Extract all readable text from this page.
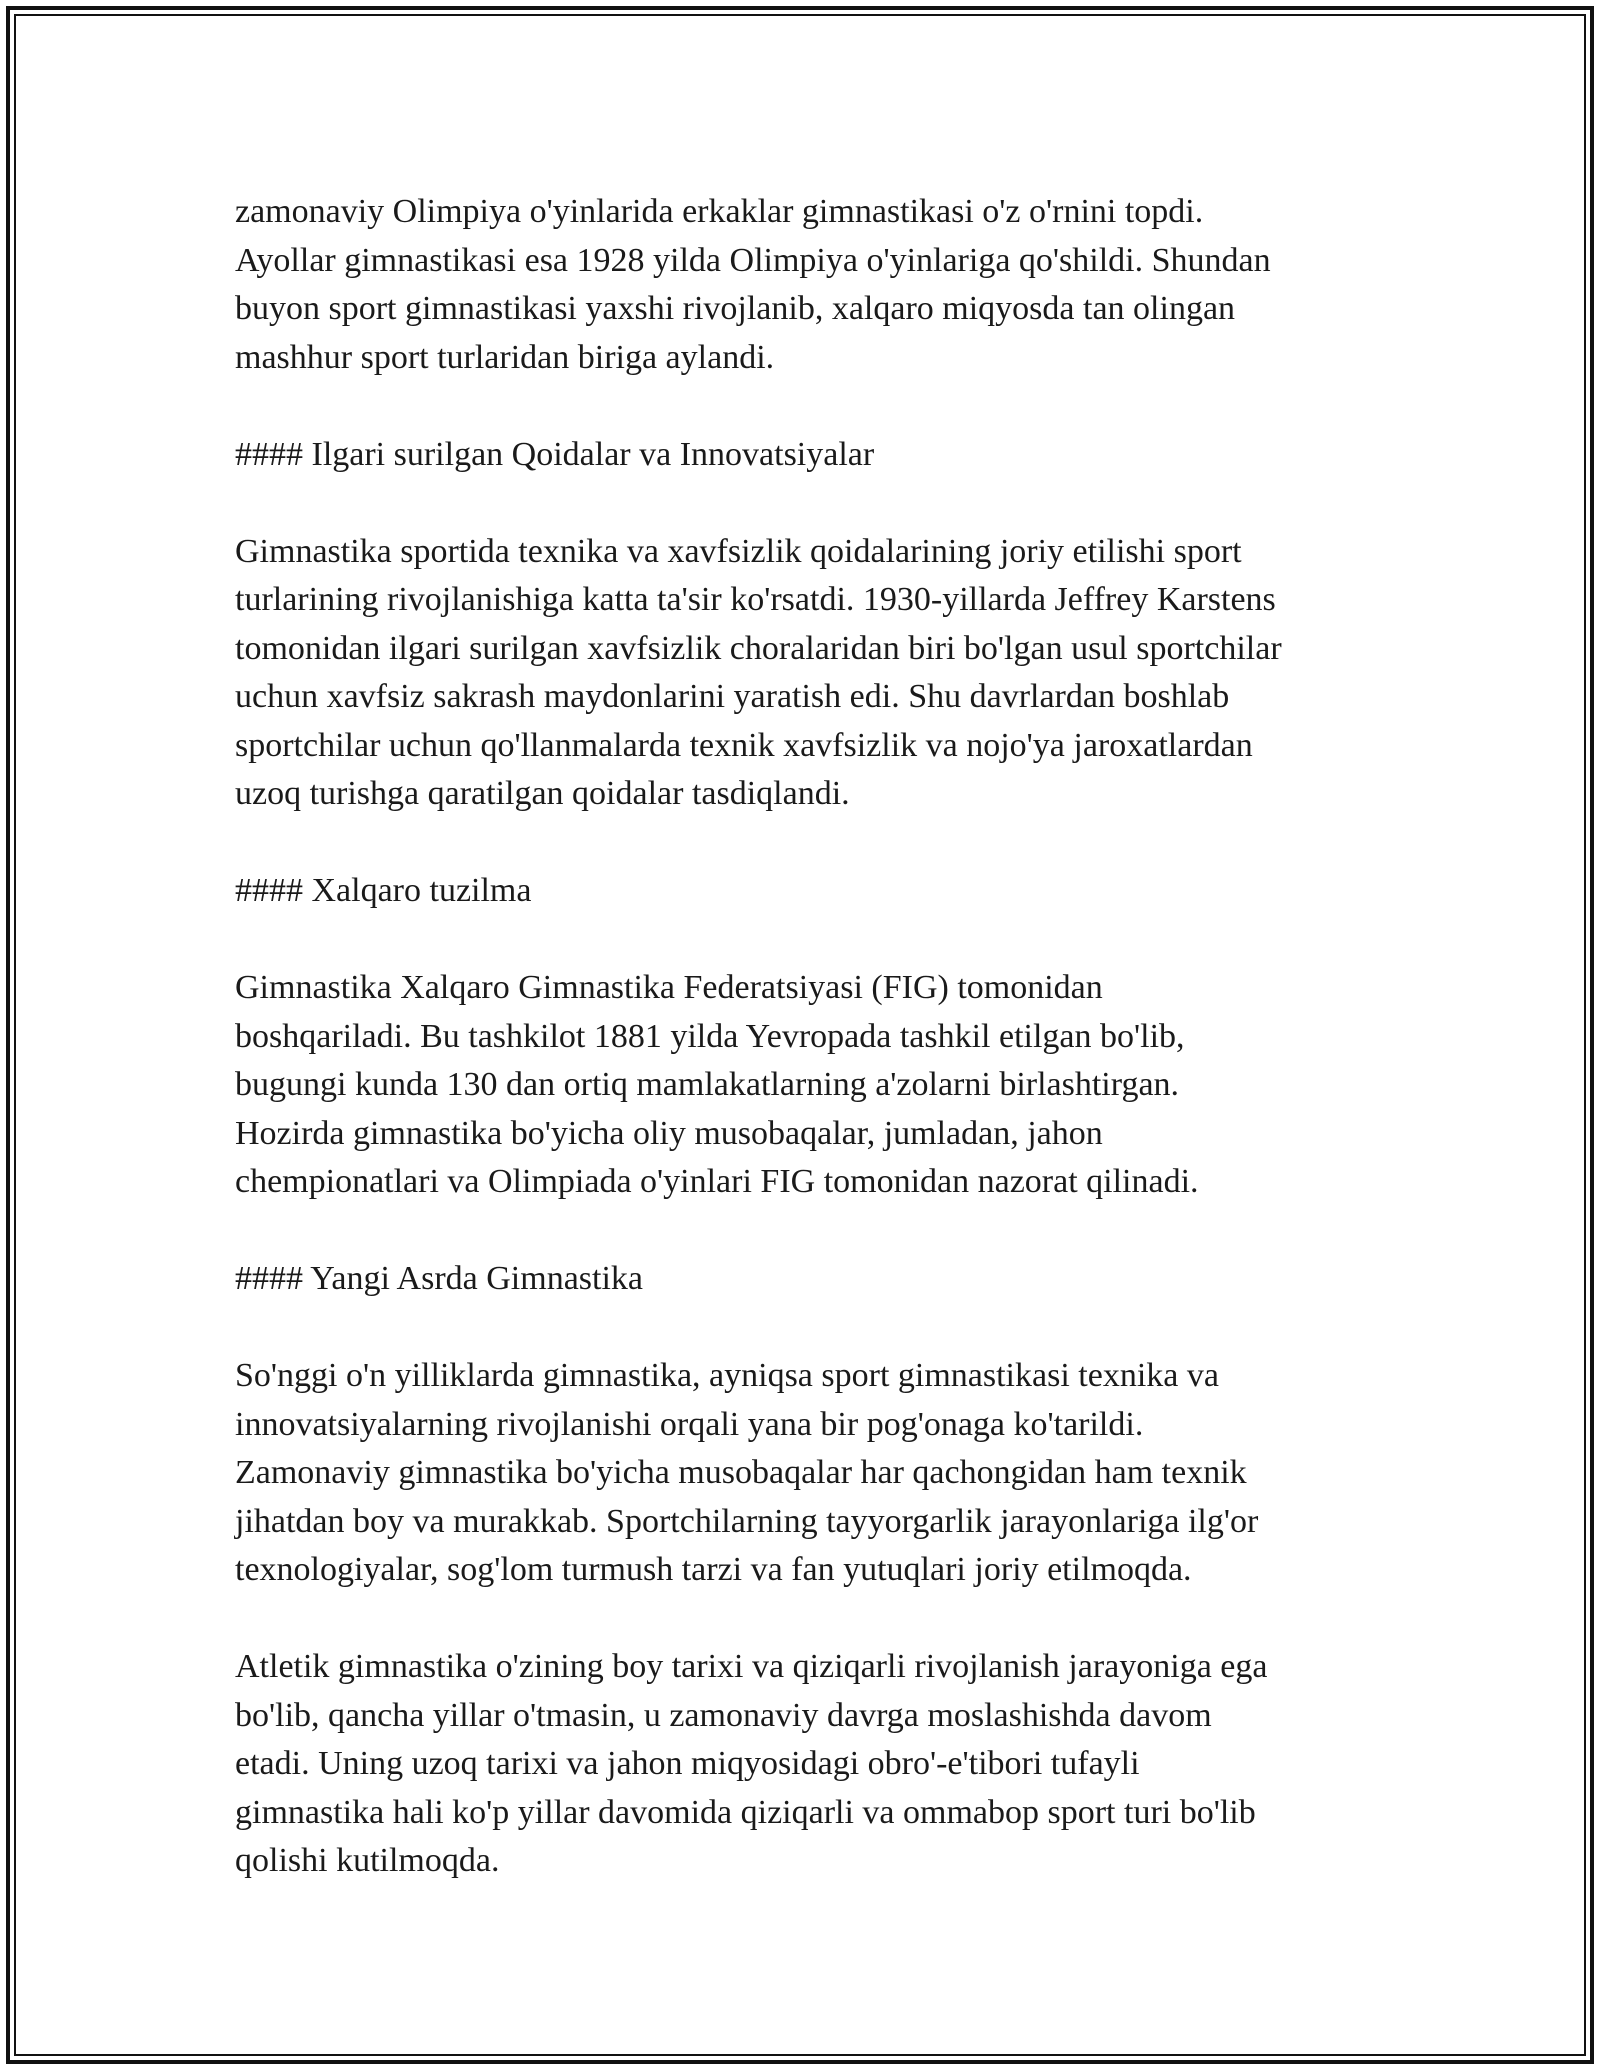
zamonaviy Olimpiya o'yinlarida erkaklar gimnastikasi o'z o'rnini topdi.
Ayollar gimnastikasi esa 1928 yilda Olimpiya o'yinlariga qo'shildi. Shundan
buyon sport gimnastikasi yaxshi rivojlanib, xalqaro miqyosda tan olingan
mashhur sport turlaridan biriga aylandi.

#### Ilgari surilgan Qoidalar va Innovatsiyalar

Gimnastika sportida texnika va xavfsizlik qoidalarining joriy etilishi sport
turlarining rivojlanishiga katta ta'sir ko'rsatdi. 1930-yillarda Jeffrey Karstens
tomonidan ilgari surilgan xavfsizlik choralaridan biri bo'lgan usul sportchilar
uchun xavfsiz sakrash maydonlarini yaratish edi. Shu davrlardan boshlab
sportchilar uchun qo'llanmalarda texnik xavfsizlik va nojo'ya jaroxatlardan
uzoq turishga qaratilgan qoidalar tasdiqlandi.

#### Xalqaro tuzilma

Gimnastika Xalqaro Gimnastika Federatsiyasi (FIG) tomonidan
boshqariladi. Bu tashkilot 1881 yilda Yevropada tashkil etilgan bo'lib,
bugungi kunda 130 dan ortiq mamlakatlarning a'zolarni birlashtirgan.
Hozirda gimnastika bo'yicha oliy musobaqalar, jumladan, jahon
chempionatlari va Olimpiada o'yinlari FIG tomonidan nazorat qilinadi.

#### Yangi Asrda Gimnastika

So'nggi o'n yilliklarda gimnastika, ayniqsa sport gimnastikasi texnika va
innovatsiyalarning rivojlanishi orqali yana bir pog'onaga ko'tarildi.
Zamonaviy gimnastika bo'yicha musobaqalar har qachongidan ham texnik
jihatdan boy va murakkab. Sportchilarning tayyorgarlik jarayonlariga ilg'or
texnologiyalar, sog'lom turmush tarzi va fan yutuqlari joriy etilmoqda.

Atletik gimnastika o'zining boy tarixi va qiziqarli rivojlanish jarayoniga ega
bo'lib, qancha yillar o'tmasin, u zamonaviy davrga moslashishda davom
etadi. Uning uzoq tarixi va jahon miqyosidagi obro'-e'tibori tufayli
gimnastika hali ko'p yillar davomida qiziqarli va ommabop sport turi bo'lib
qolishi kutilmoqda.
